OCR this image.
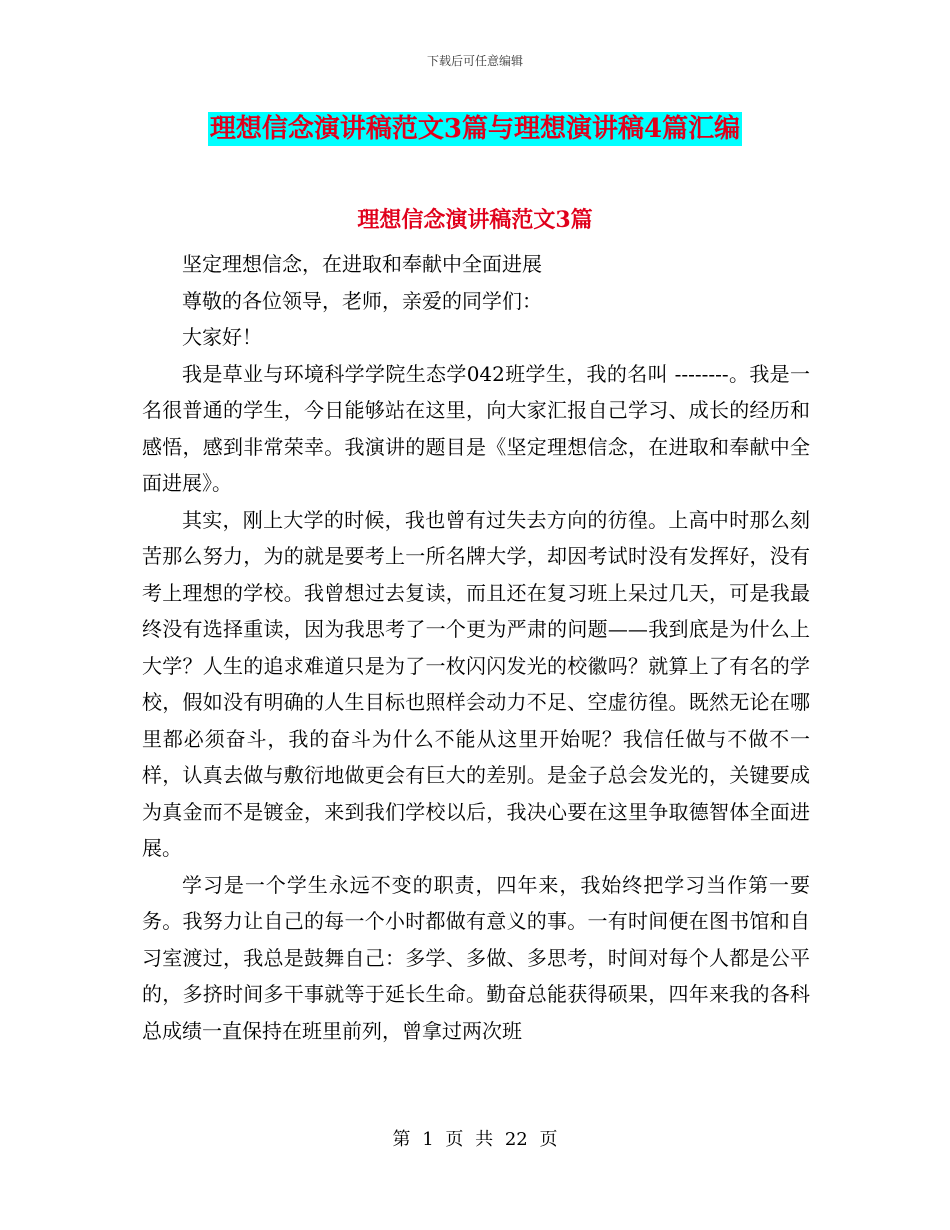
下载后可任意编辑
理想信念演讲稿范文3篇与理想演讲稿4篇汇编
理想信念演讲稿范文3篇

坚定理想信念，在进取和奉献中全面进展

尊敬的各位领导，老师，亲爱的同学们：

大家好！

我是草业与环境科学学院生态学042班学生，我的名叫 --------。我是一名很普通的学生，今日能够站在这里，向大家汇报自己学习、成长的经历和感悟，感到非常荣幸。我演讲的题目是《坚定理想信念，在进取和奉献中全面进展》。

其实，刚上大学的时候，我也曾有过失去方向的彷徨。上高中时那么刻苦那么努力，为的就是要考上一所名牌大学，却因考试时没有发挥好，没有考上理想的学校。我曾想过去复读，而且还在复习班上呆过几天，可是我最终没有选择重读，因为我思考了一个更为严肃的问题——我到底是为什么上大学？人生的追求难道只是为了一枚闪闪发光的校徽吗？就算上了有名的学校，假如没有明确的人生目标也照样会动力不足、空虚彷徨。既然无论在哪里都必须奋斗，我的奋斗为什么不能从这里开始呢？我信任做与不做不一样，认真去做与敷衍地做更会有巨大的差别。是金子总会发光的，关键要成为真金而不是镀金，来到我们学校以后，我决心要在这里争取德智体全面进展。

学习是一个学生永远不变的职责，四年来，我始终把学习当作第一要务。我努力让自己的每一个小时都做有意义的事。一有时间便在图书馆和自习室渡过，我总是鼓舞自己：多学、多做、多思考，时间对每个人都是公平的，多挤时间多干事就等于延长生命。勤奋总能获得硕果，四年来我的各科总成绩一直保持在班里前列，曾拿过两次班

第 1 页 共 22 页
